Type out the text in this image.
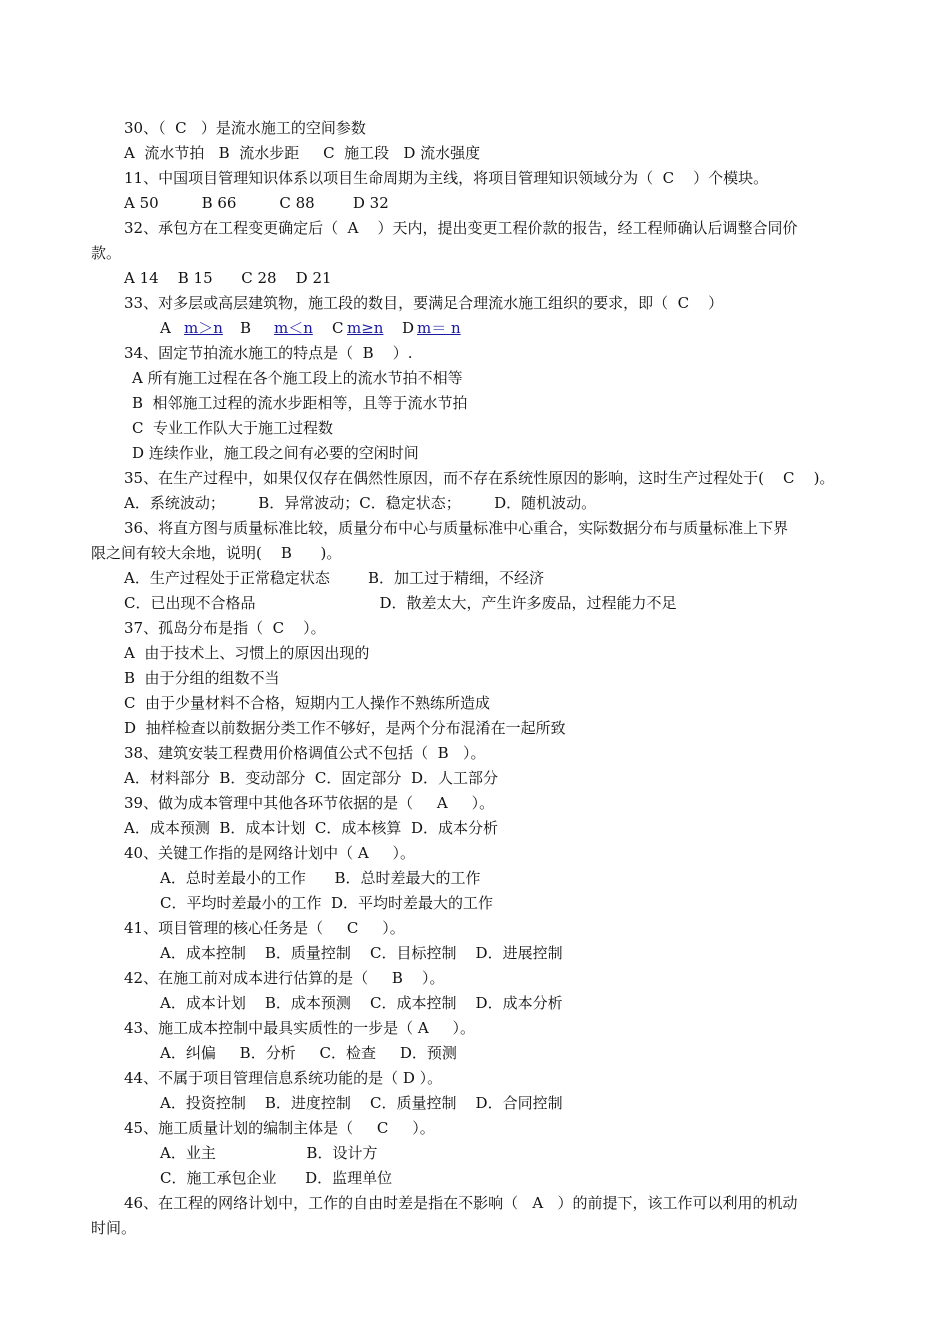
30、（  C   ）是流水施工的空间参数
A  流水节拍   B  流水步距     C  施工段   D 流水强度
11、中国项目管理知识体系以项目生命周期为主线，将项目管理知识领域分为（  C    ）个模块。
A 50         B 66         C 88        D 32
32、承包方在工程变更确定后（  A    ）天内，提出变更工程价款的报告，经工程师确认后调整合同价
款。
A 14    B 15      C 28    D 21
33、对多层或高层建筑物，施工段的数目，要满足合理流水施工组织的要求，即（  C    ）
A m＞n B m＜n C m≥n D m＝ n
34、固定节拍流水施工的特点是（  B    ）.
A 所有施工过程在各个施工段上的流水节拍不相等
B  相邻施工过程的流水步距相等，且等于流水节拍
C  专业工作队大于施工过程数
D 连续作业，施工段之间有必要的空闲时间
35、在生产过程中，如果仅仅存在偶然性原因，而不存在系统性原因的影响，这时生产过程处于(    C    )。
A．系统波动；       B．异常波动；C．稳定状态；       D．随机波动。
36、将直方图与质量标准比较，质量分布中心与质量标准中心重合，实际数据分布与质量标准上下界
限之间有较大余地，说明(    B      )。
A．生产过程处于正常稳定状态        B．加工过于精细，不经济
C．已出现不合格品                          D．散差太大，产生许多废品，过程能力不足
37、孤岛分布是指（  C    ）。
A  由于技术上、习惯上的原因出现的
B  由于分组的组数不当
C  由于少量材料不合格，短期内工人操作不熟练所造成
D  抽样检查以前数据分类工作不够好，是两个分布混淆在一起所致
38、建筑安装工程费用价格调值公式不包括（  B   ）。
A．材料部分  B．变动部分  C．固定部分  D．人工部分
39、做为成本管理中其他各环节依据的是（     A     ）。
A．成本预测  B．成本计划  C．成本核算  D．成本分析
40、关键工作指的是网络计划中（ A     ）。
A．总时差最小的工作      B．总时差最大的工作
C．平均时差最小的工作  D．平均时差最大的工作
41、项目管理的核心任务是（     C     ）。
A．成本控制    B．质量控制    C．目标控制    D．进展控制
42、在施工前对成本进行估算的是（     B    ）。
A．成本计划    B．成本预测    C．成本控制    D．成本分析
43、施工成本控制中最具实质性的一步是（ A     ）。
A．纠偏     B．分析     C．检查     D．预测
44、不属于项目管理信息系统功能的是（ D ）。
A．投资控制    B．进度控制    C．质量控制    D．合同控制
45、施工质量计划的编制主体是（     C     ）。
A．业主                   B．设计方
C．施工承包企业      D．监理单位
46、在工程的网络计划中，工作的自由时差是指在不影响（   A   ）的前提下，该工作可以利用的机动
时间。
